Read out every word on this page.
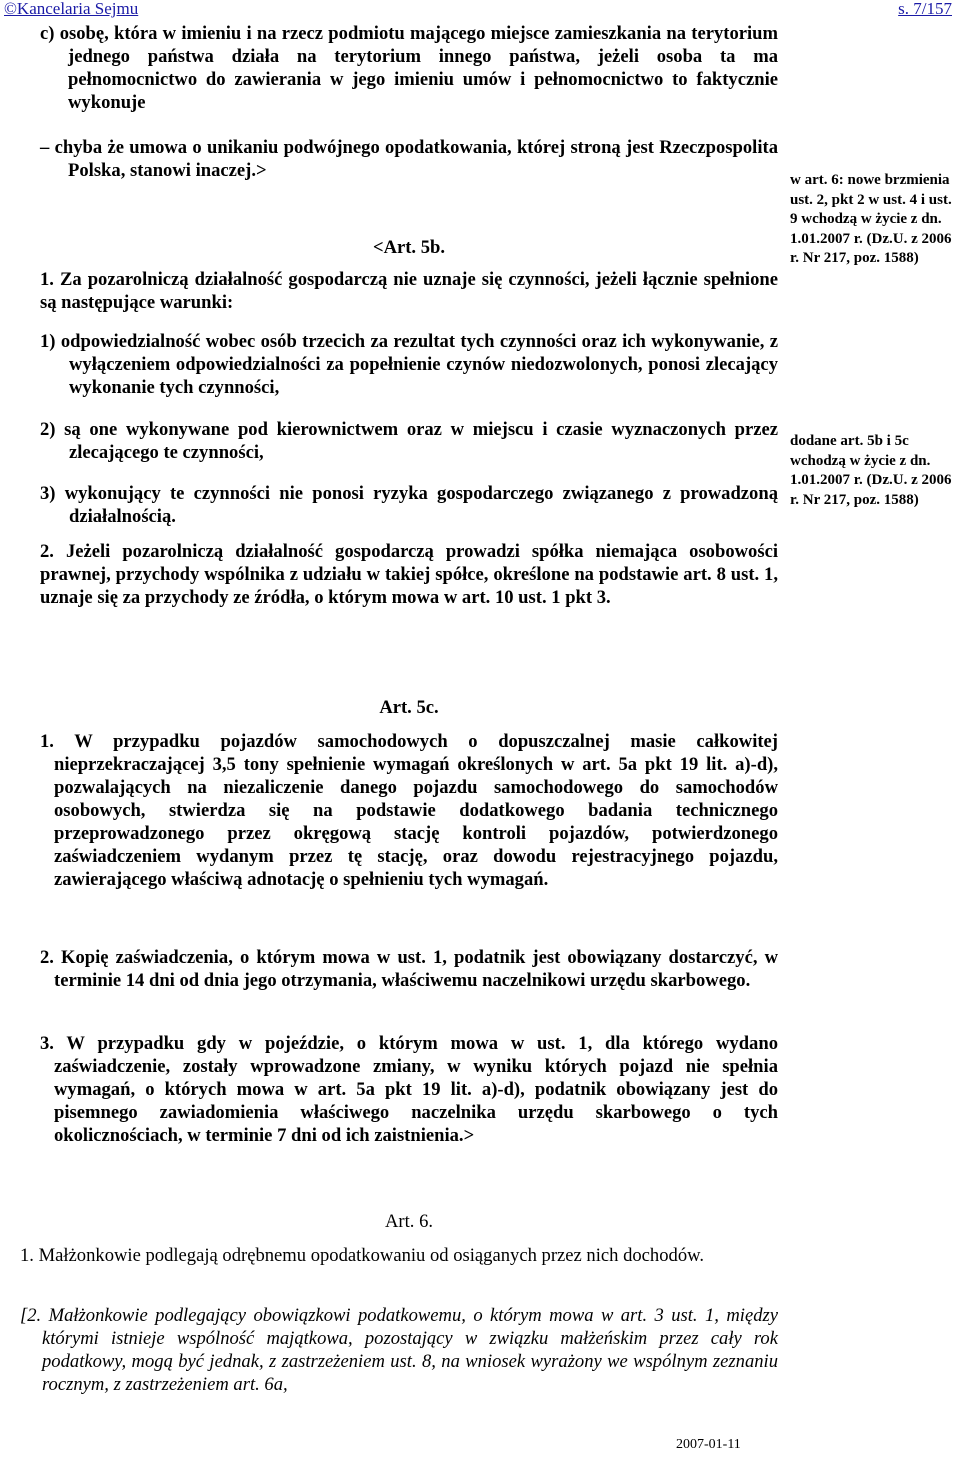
©Kancelaria Sejmu	s. 7/157

c) osobę, która w imieniu i na rzecz podmiotu mającego miejsce zamieszkania na terytorium jednego państwa działa na terytorium innego państwa, jeżeli osoba ta ma pełnomocnictwo do zawierania w jego imieniu umów i pełnomocnictwo to faktycznie wykonuje

– chyba że umowa o unikaniu podwójnego opodatkowania, której stroną jest Rzeczpospolita Polska, stanowi inaczej.>

<Art. 5b.

1. Za pozarolniczą działalność gospodarczą nie uznaje się czynności, jeżeli łącznie spełnione są następujące warunki:

1) odpowiedzialność wobec osób trzecich za rezultat tych czynności oraz ich wykonywanie, z wyłączeniem odpowiedzialności za popełnienie czynów niedozwolonych, ponosi zlecający wykonanie tych czynności,

2) są one wykonywane pod kierownictwem oraz w miejscu i czasie wyznaczonych przez zlecającego te czynności,

3) wykonujący te czynności nie ponosi ryzyka gospodarczego związanego z prowadzoną działalnością.

2. Jeżeli pozarolniczą działalność gospodarczą prowadzi spółka niemająca osobowości prawnej, przychody wspólnika z udziału w takiej spółce, określone na podstawie art. 8 ust. 1, uznaje się za przychody ze źródła, o którym mowa w art. 10 ust. 1 pkt 3.

Art. 5c.

1. W przypadku pojazdów samochodowych o dopuszczalnej masie całkowitej nieprzekraczającej 3,5 tony spełnienie wymagań określonych w art. 5a pkt 19 lit. a)-d), pozwalających na niezaliczenie danego pojazdu samochodowego do samochodów osobowych, stwierdza się na podstawie dodatkowego badania technicznego przeprowadzonego przez okręgową stację kontroli pojazdów, potwierdzonego zaświadczeniem wydanym przez tę stację, oraz dowodu rejestracyjnego pojazdu, zawierającego właściwą adnotację o spełnieniu tych wymagań.

2. Kopię zaświadczenia, o którym mowa w ust. 1, podatnik jest obowiązany dostarczyć, w terminie 14 dni od dnia jego otrzymania, właściwemu naczelnikowi urzędu skarbowego.

3. W przypadku gdy w pojeździe, o którym mowa w ust. 1, dla którego wydano zaświadczenie, zostały wprowadzone zmiany, w wyniku których pojazd nie spełnia wymagań, o których mowa w art. 5a pkt 19 lit. a)-d), podatnik obowiązany jest do pisemnego zawiadomienia właściwego naczelnika urzędu skarbowego o tych okolicznościach, w terminie 7 dni od ich zaistnienia.>

Art. 6.

1. Małżonkowie podlegają odrębnemu opodatkowaniu od osiąganych przez nich dochodów.

[2. Małżonkowie podlegający obowiązkowi podatkowemu, o którym mowa w art. 3 ust. 1, między którymi istnieje wspólność majątkowa, pozostający w związku małżeńskim przez cały rok podatkowy, mogą być jednak, z zastrzeżeniem ust. 8, na wniosek wyrażony we wspólnym zeznaniu rocznym, z zastrzeżeniem art. 6a,

w art. 6: nowe brzmienia ust. 2, pkt 2 w ust. 4 i ust. 9 wchodzą w życie z dn. 1.01.2007 r. (Dz.U. z 2006 r. Nr 217, poz. 1588)
dodane art. 5b i 5c wchodzą w życie z dn. 1.01.2007 r. (Dz.U. z 2006 r. Nr 217, poz. 1588)
2007-01-11
